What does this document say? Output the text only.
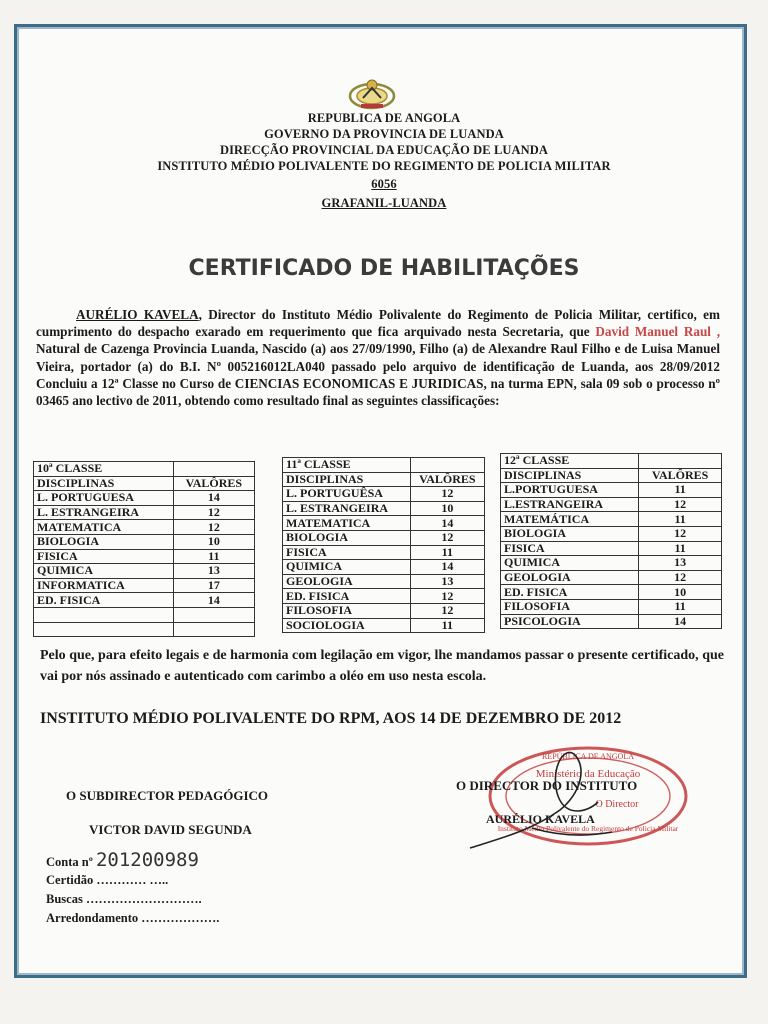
REPUBLICA DE ANGOLA
GOVERNO DA PROVINCIA DE LUANDA
DIRECÇÃO PROVINCIAL DA EDUCAÇÃO DE LUANDA
INSTITUTO MÉDIO POLIVALENTE DO REGIMENTO DE POLICIA MILITAR
6056
GRAFANIL-LUANDA
CERTIFICADO DE HABILITAÇÕES
AURÉLIO KAVELA, Director do Instituto Médio Polivalente do Regimento de Policia Militar, certifico, em cumprimento do despacho exarado em requerimento que fica arquivado nesta Secretaria, que David Manuel Raul , Natural de Cazenga Provincia Luanda, Nascido (a) aos 27/09/1990, Filho (a) de Alexandre Raul Filho e de Luisa Manuel Vieira, portador (a) do B.I. Nº 005216012LA040 passado pelo arquivo de identificação de Luanda, aos 28/09/2012 Concluiu a 12ª Classe no Curso de CIENCIAS ECONOMICAS E JURIDICAS, na turma EPN, sala 09 sob o processo nº 03465 ano lectivo de 2011, obtendo como resultado final as seguintes classificações:
10ª CLASSE	
DISCIPLINAS	VALÔRES
L. PORTUGUESA	14
L. ESTRANGEIRA	12
MATEMATICA	12
BIOLOGIA	10
FISICA	11
QUIMICA	13
INFORMATICA	17
ED. FISICA	14

11ª CLASSE	
DISCIPLINAS	VALÔRES
L. PORTUGUÊSA	12
L. ESTRANGEIRA	10
MATEMATICA	14
BIOLOGIA	12
FISICA	11
QUIMICA	14
GEOLOGIA	13
ED. FISICA	12
FILOSOFIA	12
SOCIOLOGIA	11
12ª CLASSE	
DISCIPLINAS	VALÔRES
L.PORTUGUESA	11
L.ESTRANGEIRA	12
MATEMÁTICA	11
BIOLOGIA	12
FISICA	11
QUIMICA	13
GEOLOGIA	12
ED. FISICA	10
FILOSOFIA	11
PSICOLOGIA	14
Pelo que, para efeito legais e de harmonia com legilação em vigor, lhe mandamos passar o presente certificado, que vai por nós assinado e autenticado com carimbo a oléo em uso nesta escola.
INSTITUTO MÉDIO POLIVALENTE DO RPM, AOS 14 DE DEZEMBRO DE 2012
O SUBDIRECTOR PEDAGÓGICO
VICTOR DAVID SEGUNDA
REPÚBLICA DE ANGOLA
Ministério da Educação
O Director
Instituto Médio Polivalente do Regimento de Policia Militar
O DIRECTOR DO INSTITUTO
AURÉLIO KAVELA
Conta nº 201200989
Certidão ………… …..
Buscas ……………………….
Arredondamento ……………….
